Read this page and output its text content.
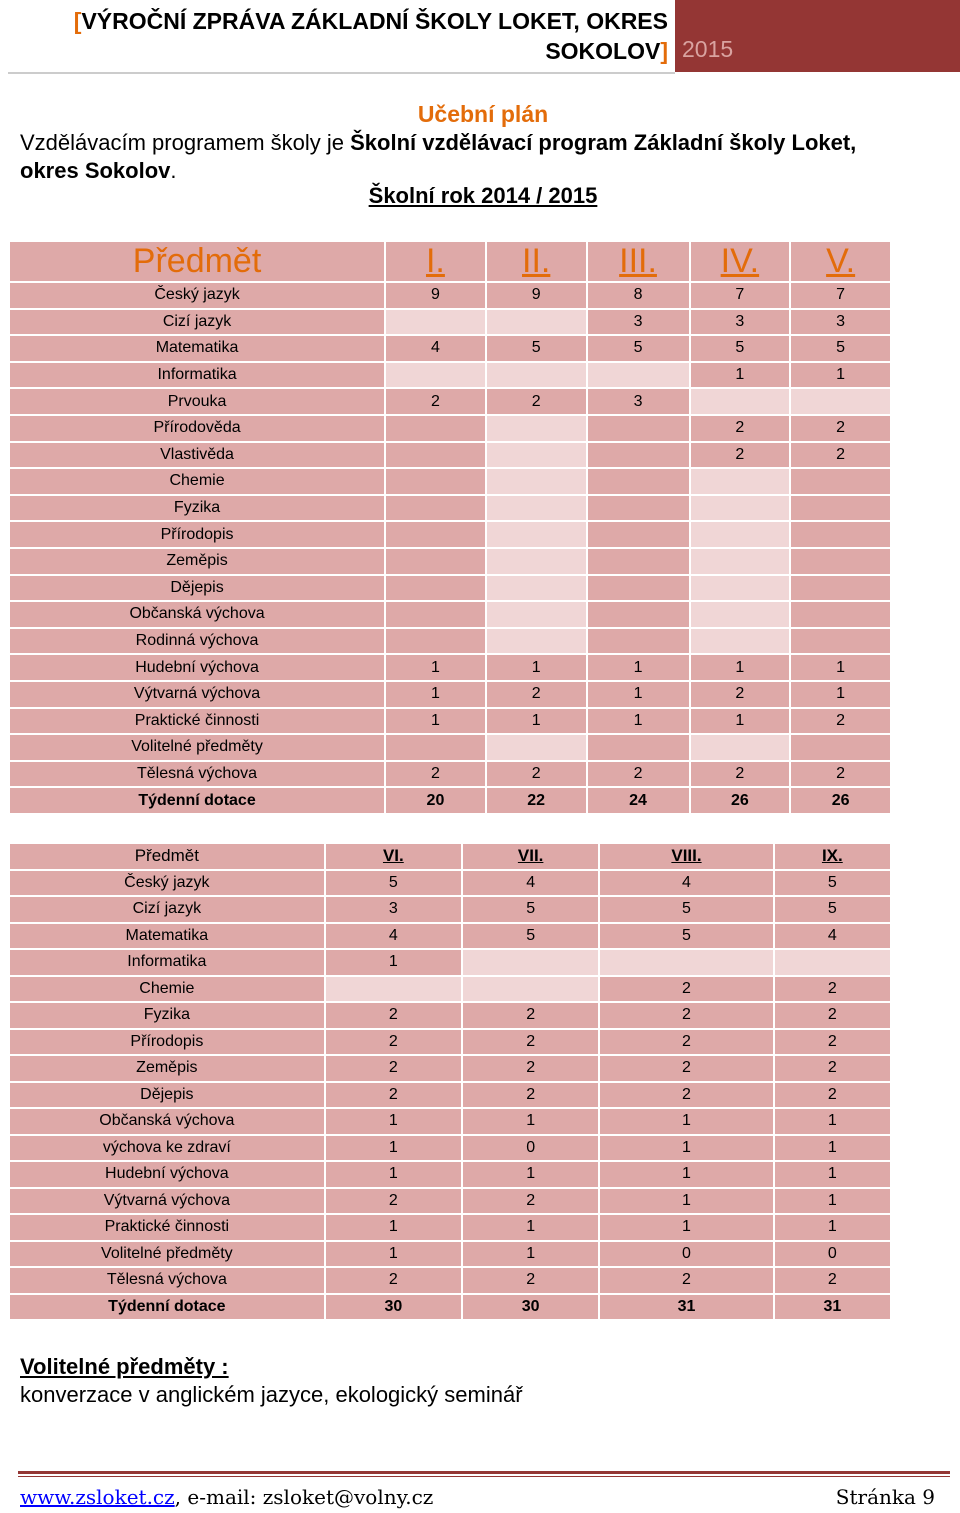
[VÝROČNÍ ZPRÁVA ZÁKLADNÍ ŠKOLY LOKET, OKRES
SOKOLOV] 2015
Učební plán
Vzdělávacím programem školy je Školní vzdělávací program Základní školy Loket,
okres Sokolov.
Školní rok 2014 / 2015
Předmět	I.	II.	III.	IV.	V.
Český jazyk	9	9	8	7	7
Cizí jazyk			3	3	3
Matematika	4	5	5	5	5
Informatika				1	1
Prvouka	2	2	3		
Přírodověda				2	2
Vlastivěda				2	2
Chemie					
Fyzika					
Přírodopis					
Zeměpis					
Dějepis					
Občanská výchova					
Rodinná výchova					
Hudební výchova	1	1	1	1	1
Výtvarná výchova	1	2	1	2	1
Praktické činnosti	1	1	1	1	2
Volitelné předměty					
Tělesná výchova	2	2	2	2	2
Týdenní dotace	20	22	24	26	26
Předmět	VI.	VII.	VIII.	IX.
Český jazyk	5	4	4	5
Cizí jazyk	3	5	5	5
Matematika	4	5	5	4
Informatika	1			
Chemie			2	2
Fyzika	2	2	2	2
Přírodopis	2	2	2	2
Zeměpis	2	2	2	2
Dějepis	2	2	2	2
Občanská výchova	1	1	1	1
výchova ke zdraví	1	0	1	1
Hudební výchova	1	1	1	1
Výtvarná výchova	2	2	1	1
Praktické činnosti	1	1	1	1
Volitelné předměty	1	1	0	0
Tělesná výchova	2	2	2	2
Týdenní dotace	30	30	31	31
Volitelné předměty :
konverzace v anglickém jazyce, ekologický seminář
www.zsloket.cz, e-mail: zsloket@volny.cz	Stránka 9
